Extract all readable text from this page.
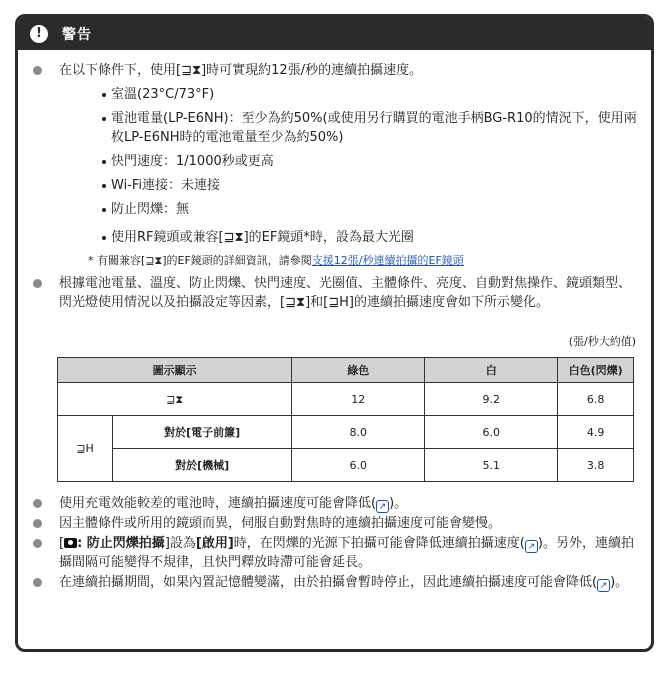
!	警告
在以下條件下，使用[⊒⧗]時可實現約12張/秒的連續拍攝速度。
室溫(23°C/73°F)
電池電量(LP-E6NH)：至少為約50%(或使用另行購買的電池手柄BG-R10的情況下，使用兩枚LP-E6NH時的電池電量至少為約50%)
快門速度：1/1000秒或更高
Wi-Fi連接：未連接
防止閃爍：無
使用RF鏡頭或兼容[⊒⧗]的EF鏡頭*時，設為最大光圈
* 有關兼容[⊒⧗]的EF鏡頭的詳細資訊，請參閱支援12張/秒連續拍攝的EF鏡頭
根據電池電量、溫度、防止閃爍、快門速度、光圈值、主體條件、亮度、自動對焦操作、鏡頭類型、閃光燈使用情況以及拍攝設定等因素，[⊒⧗]和[⊒H]的連續拍攝速度會如下所示變化。
(張/秒大約值)
圖示顯示		綠色	白	白色(閃爍)
⊒⧗		12	9.2	6.8
⊒H	對於[電子前簾]	8.0	6.0	4.9
	對於[機械]	6.0	5.1	3.8
使用充電效能較差的電池時，連續拍攝速度可能會降低( ↗ )。
因主體條件或所用的鏡頭而異，伺服自動對焦時的連續拍攝速度可能會變慢。
[ : 防止閃爍拍攝]設為[啟用]時，在閃爍的光源下拍攝可能會降低連續拍攝速度( ↗ )。另外，連續拍攝間隔可能變得不規律，且快門釋放時滯可能會延長。
在連續拍攝期間，如果內置記憶體變滿，由於拍攝會暫時停止，因此連續拍攝速度可能會降低( ↗ )。
